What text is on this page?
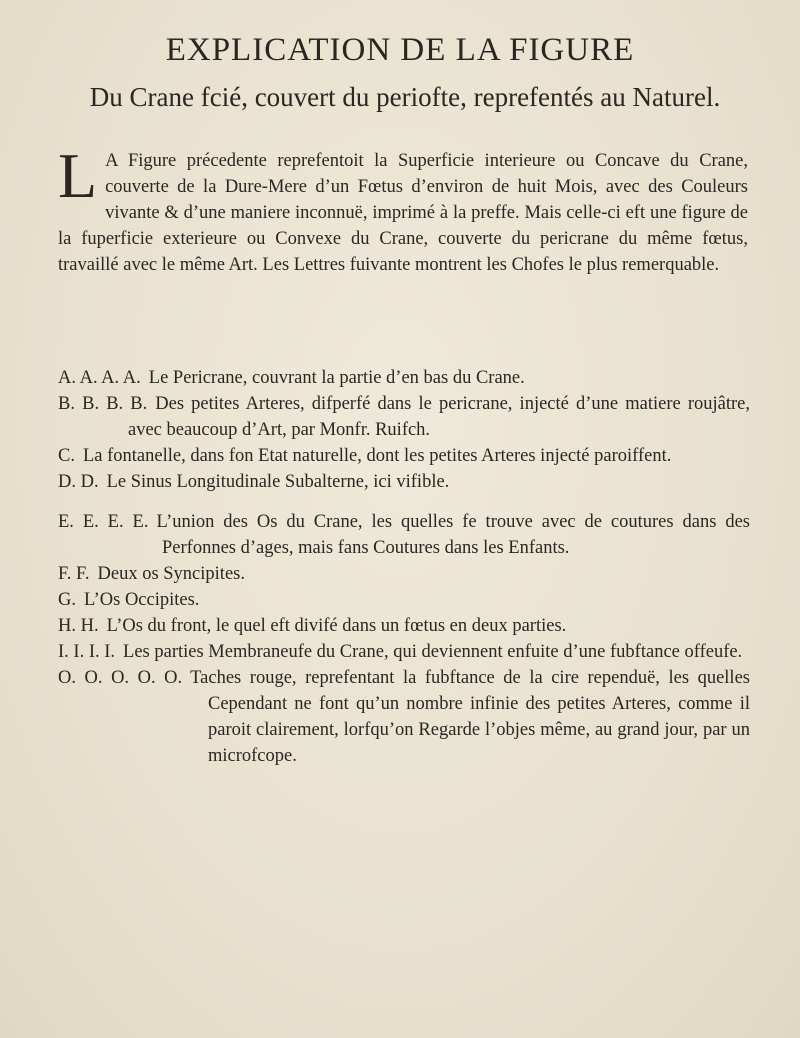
EXPLICATION DE LA FIGURE
Du Crane fcié, couvert du periofte, reprefentés au Naturel.
L A Figure précedente reprefentoit la Superficie interieure ou Concave du Crane, couverte de la Dure-Mere d’un Fœtus d’environ de huit Mois, avec des Couleurs vivante & d’une maniere inconnuë, imprimé à la preffe. Mais celle-ci eft une figure de la fuperficie exterieure ou Convexe du Crane, couverte du pericrane du même fœtus, travaillé avec le même Art. Les Lettres fuivante montrent les Chofes le plus remerquable.
A. A. A. A. Le Pericrane, couvrant la partie d’en bas du Crane.
B. B. B. B. Des petites Arteres, difperfé dans le pericrane, injecté d’une matiere roujâtre, avec beaucoup d’Art, par Monfr. Ruifch.
C. La fontanelle, dans fon Etat naturelle, dont les petites Arteres injecté paroiffent.
D. D. Le Sinus Longitudinale Subalterne, ici vifible.
E. E. E. E. L’union des Os du Crane, les quelles fe trouve avec de coutures dans des Perfonnes d’ages, mais fans Coutures dans les Enfants.
F. F. Deux os Syncipites.
G. L’Os Occipites.
H. H. L’Os du front, le quel eft divifé dans un fœtus en deux parties.
I. I. I. I. Les parties Membraneufe du Crane, qui deviennent enfuite d’une fubftance offeufe.
O. O. O. O. O. Taches rouge, reprefentant la fubftance de la cire rependuë, les quelles Cependant ne font qu’un nombre infinie des petites Arteres, comme il paroit clairement, lorfqu’on Regarde l’objes même, au grand jour, par un microfcope.
